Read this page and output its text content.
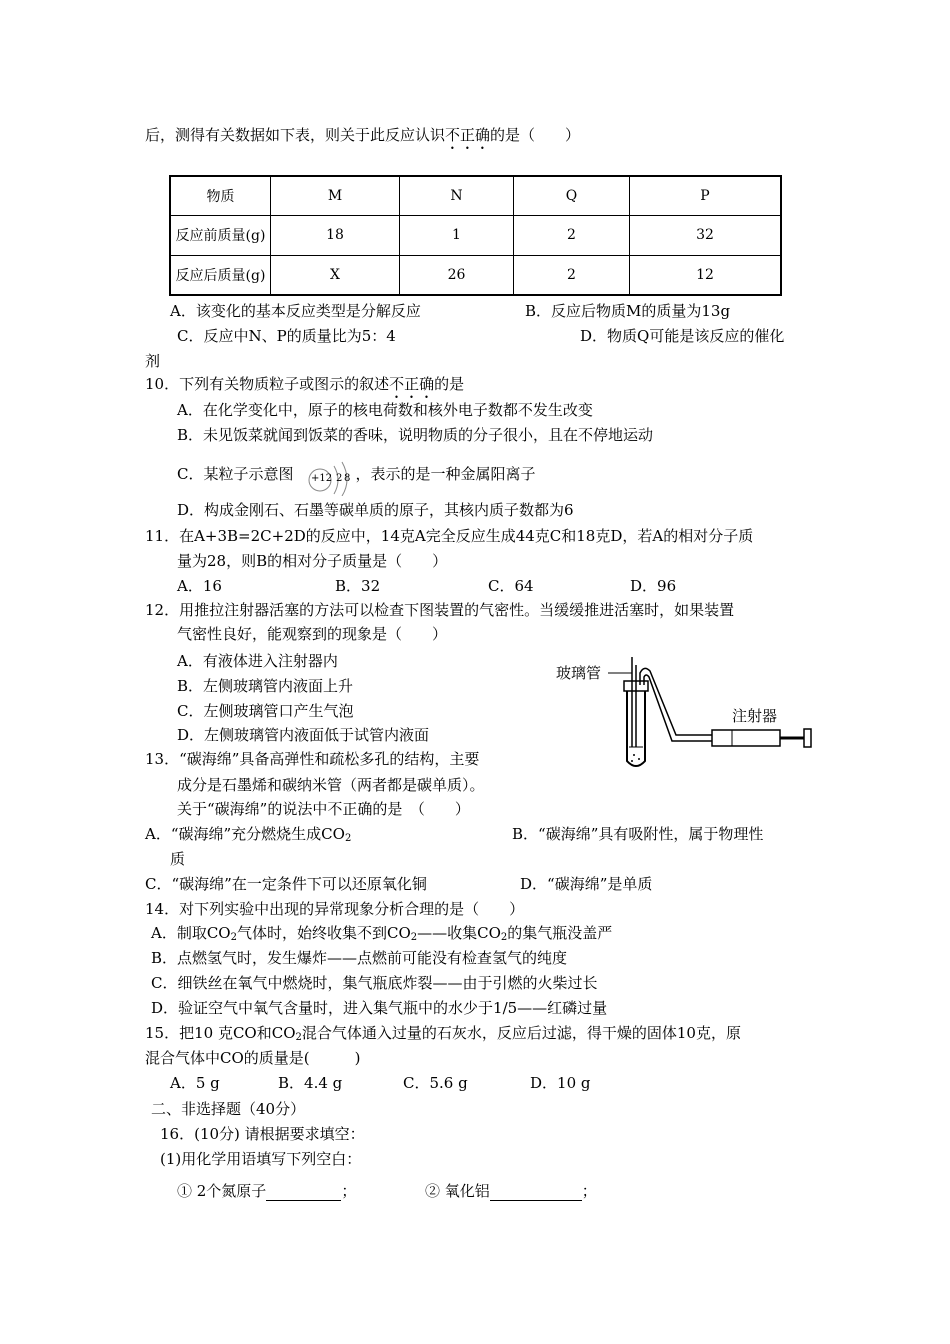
后，测得有关数据如下表，则关于此反应认识不正确的是（　　）
物质	M	N	Q	P
反应前质量(g)	18	1	2	32
反应后质量(g)	X	26	2	12
A．该变化的基本反应类型是分解反应	B．反应后物质M的质量为13g
C．反应中N、P的质量比为5：4	D．物质Q可能是该反应的催化
剂
10．下列有关物质粒子或图示的叙述不正确的是
A．在化学变化中，原子的核电荷数和核外电子数都不发生改变
B．未见饭菜就闻到饭菜的香味，说明物质的分子很小，且在不停地运动
C．某粒子示意图	，表示的是一种金属阳离子
+12 2 8
D．构成金刚石、石墨等碳单质的原子，其核内质子数都为6
11．在A+3B=2C+2D的反应中，14克A完全反应生成44克C和18克D，若A的相对分子质
量为28，则B的相对分子质量是（　　）
A．16	B．32	C．64	D．96
12．用推拉注射器活塞的方法可以检查下图装置的气密性。当缓缓推进活塞时，如果装置
气密性良好，能观察到的现象是（　　）
A．有液体进入注射器内
B．左侧玻璃管内液面上升
C．左侧玻璃管口产生气泡
D．左侧玻璃管内液面低于试管内液面
玻璃管
注射器
13．“碳海绵”具备高弹性和疏松多孔的结构，主要
成分是石墨烯和碳纳米管（两者都是碳单质）。
关于“碳海绵”的说法中不正确的是　（　　）
A．“碳海绵”充分燃烧生成$CO_2$	B．“碳海绵”具有吸附性，属于物理性
质
C．“碳海绵”在一定条件下可以还原氧化铜	D．“碳海绵”是单质
14．对下列实验中出现的异常现象分析合理的是（　　）
A．制取$CO_2$气体时，始终收集不到$CO_2——$收集$CO_2$的集气瓶没盖严
B．点燃氢气时，发生爆炸——点燃前可能没有检查氢气的纯度
C．细铁丝在氧气中燃烧时，集气瓶底炸裂——由于引燃的火柴过长
D．验证空气中氧气含量时，进入集气瓶中的水少于1/5——红磷过量
15．把10 克CO和$CO_2$混合气体通入过量的石灰水，反应后过滤，得干燥的固体10克，原
混合气体中CO的质量是(　　　)
A．5 g	B．4.4 g	C．5.6 g	D．10 g
二、非选择题（40分）
16．(10分) 请根据要求填空：
(1)用化学用语填写下列空白：
① 2个氮原子	；	② 氧化铝	；
